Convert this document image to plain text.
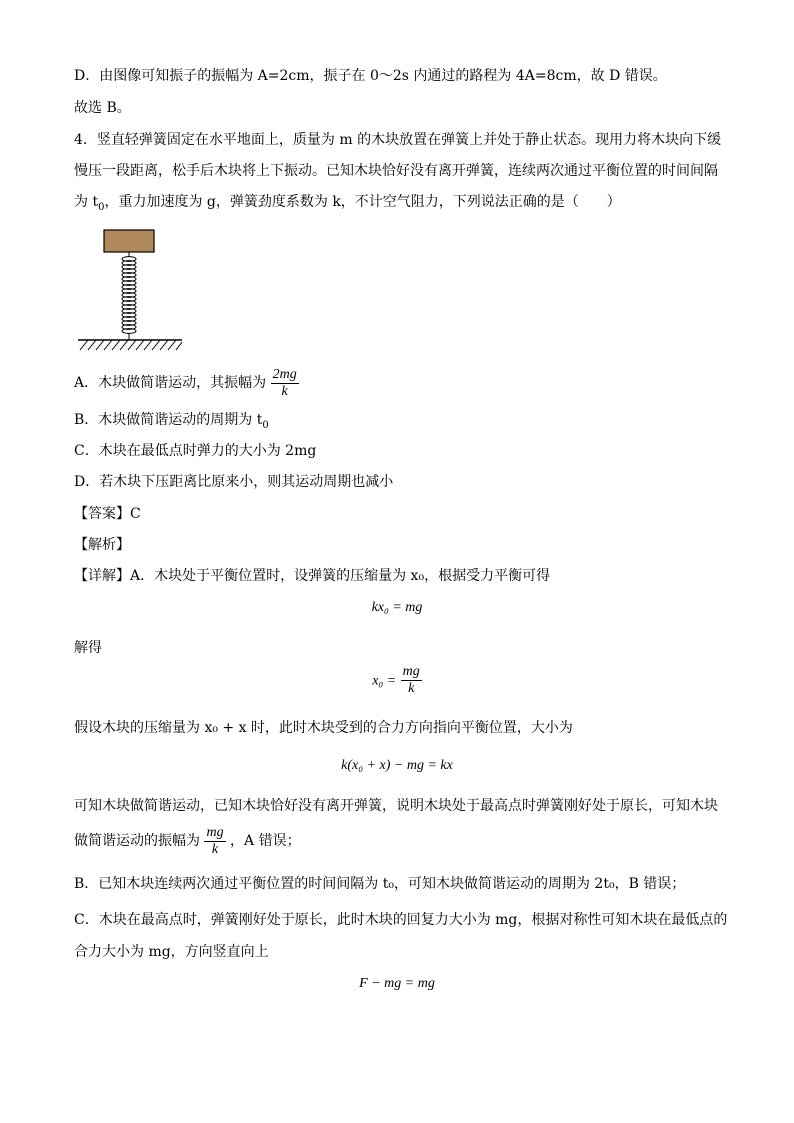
D．由图像可知振子的振幅为 A=2cm，振子在 0～2s 内通过的路程为 4A=8cm，故 D 错误。
故选 B。
4．竖直轻弹簧固定在水平地面上，质量为 m 的木块放置在弹簧上并处于静止状态。现用力将木块向下缓
慢压一段距离，松手后木块将上下振动。已知木块恰好没有离开弹簧，连续两次通过平衡位置的时间间隔
为 $t_0$，重力加速度为 g，弹簧劲度系数为 k，不计空气阻力，下列说法正确的是（　　）
A．木块做简谐运动，其振幅为 $\frac{2mg}{k}$
B．木块做简谐运动的周期为 $t_0$
C．木块在最低点时弹力的大小为 2mg
D．若木块下压距离比原来小，则其运动周期也减小
【答案】C
【解析】
【详解】A．木块处于平衡位置时，设弹簧的压缩量为 x₀，根据受力平衡可得
kx₀ = mg
解得
$x_0 = \frac{mg}{k}$
假设木块的压缩量为 x₀ + x 时，此时木块受到的合力方向指向平衡位置，大小为
k(x₀ + x) − mg = kx
可知木块做简谐运动，已知木块恰好没有离开弹簧，说明木块处于最高点时弹簧刚好处于原长，可知木块
做简谐运动的振幅为 $\frac{mg}{k}$ ，A 错误；
B．已知木块连续两次通过平衡位置的时间间隔为 t₀，可知木块做简谐运动的周期为 2t₀，B 错误；
C．木块在最高点时，弹簧刚好处于原长，此时木块的回复力大小为 mg，根据对称性可知木块在最低点的
合力大小为 mg，方向竖直向上
F − mg = mg
